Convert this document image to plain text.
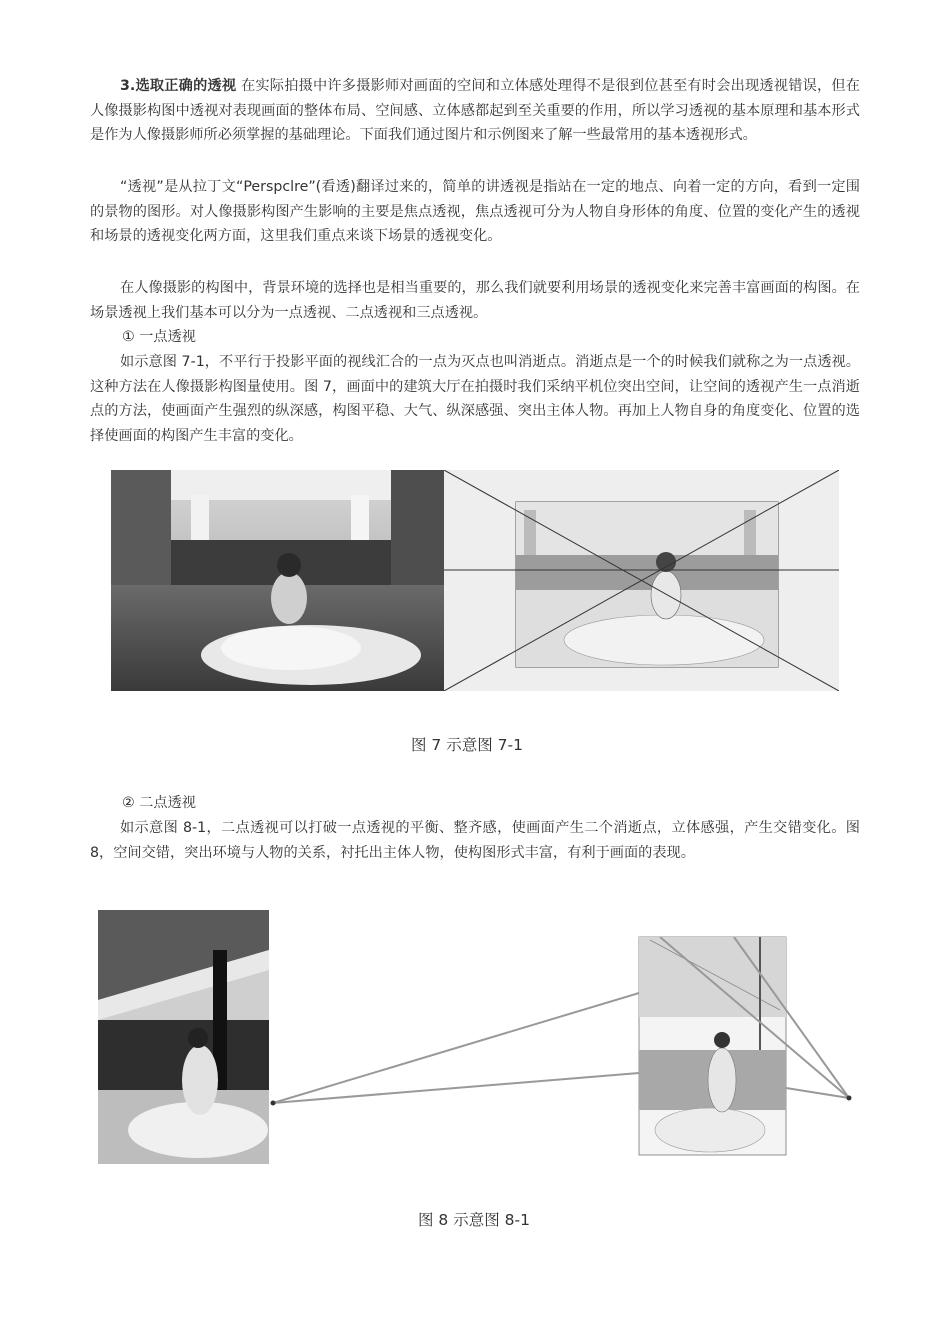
3.选取正确的透视 在实际拍摄中许多摄影师对画面的空间和立体感处理得不是很到位甚至有时会出现透视错误，但在人像摄影构图中透视对表现画面的整体布局、空间感、立体感都起到至关重要的作用，所以学习透视的基本原理和基本形式是作为人像摄影师所必须掌握的基础理论。下面我们通过图片和示例图来了解一些最常用的基本透视形式。

“透视”是从拉丁文“Perspclre”(看透)翻译过来的，简单的讲透视是指站在一定的地点、向着一定的方向，看到一定围的景物的图形。对人像摄影构图产生影响的主要是焦点透视，焦点透视可分为人物自身形体的角度、位置的变化产生的透视和场景的透视变化两方面，这里我们重点来谈下场景的透视变化。

在人像摄影的构图中，背景环境的选择也是相当重要的，那么我们就要利用场景的透视变化来完善丰富画面的构图。在场景透视上我们基本可以分为一点透视、二点透视和三点透视。

① 一点透视

如示意图 7-1，不平行于投影平面的视线汇合的一点为灭点也叫消逝点。消逝点是一个的时候我们就称之为一点透视。这种方法在人像摄影构图量使用。图 7，画面中的建筑大厅在拍摄时我们采纳平机位突出空间，让空间的透视产生一点消逝点的方法，使画面产生强烈的纵深感，构图平稳、大气、纵深感强、突出主体人物。再加上人物自身的角度变化、位置的选择使画面的构图产生丰富的变化。

图 7 示意图 7-1
② 二点透视

如示意图 8-1，二点透视可以打破一点透视的平衡、整齐感，使画面产生二个消逝点，立体感强，产生交错变化。图 8，空间交错，突出环境与人物的关系，衬托出主体人物，使构图形式丰富，有利于画面的表现。

图 8 示意图 8-1
